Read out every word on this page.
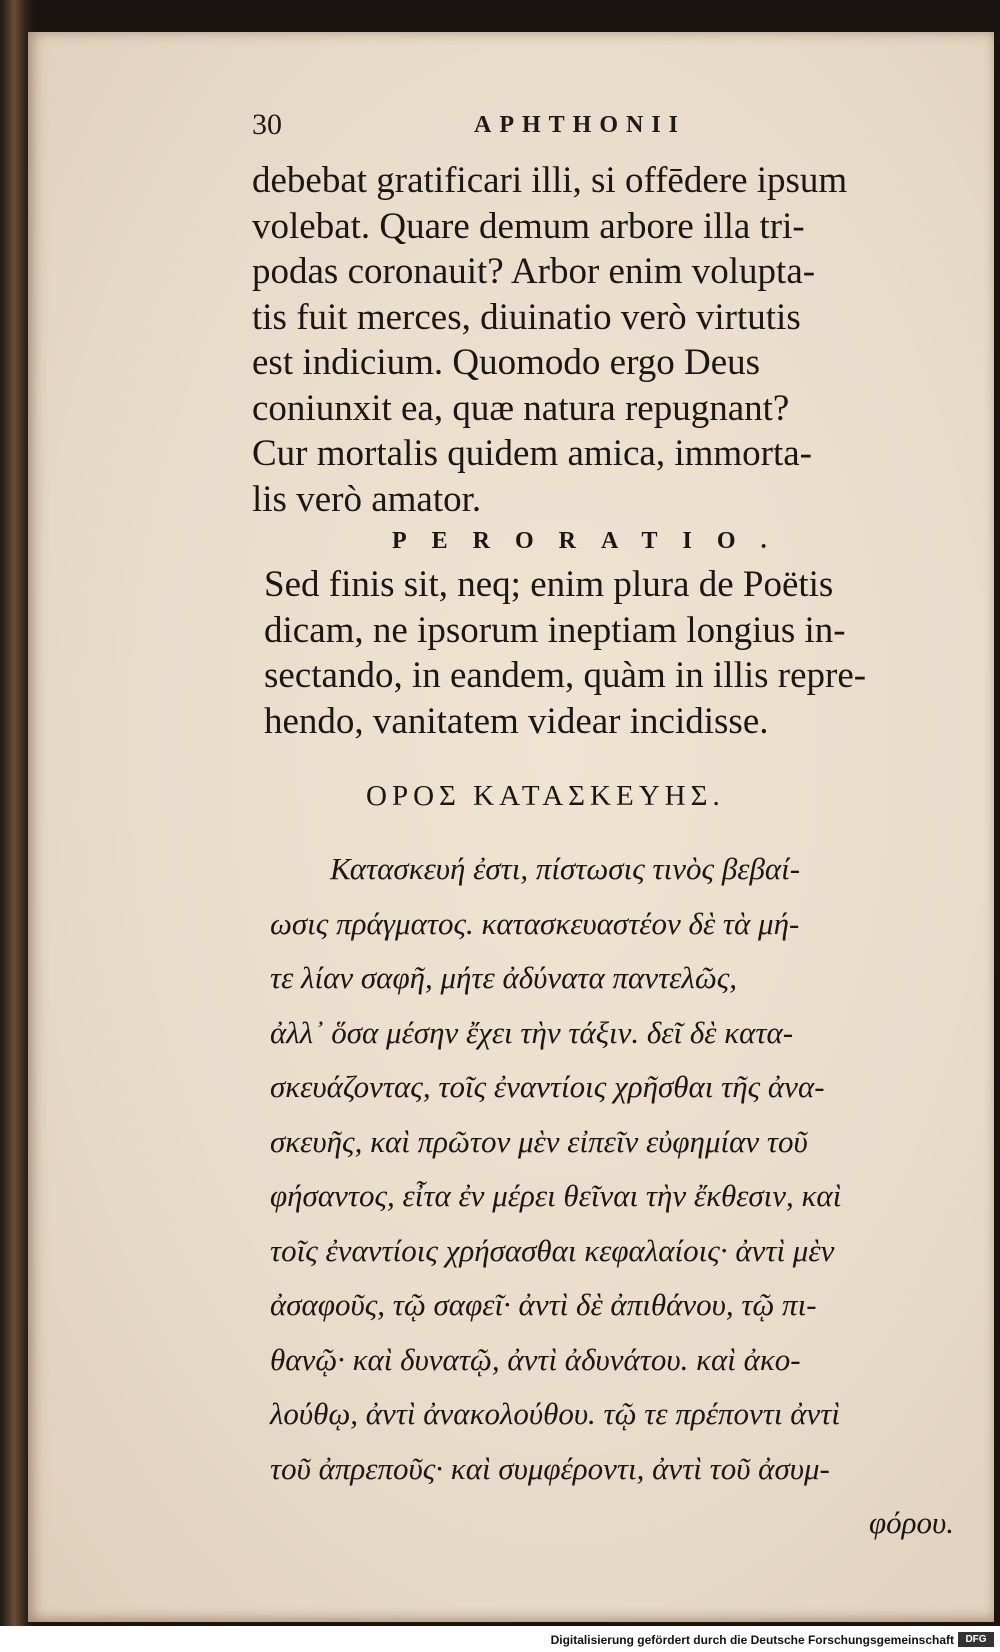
30	APHTHONII
debebat gratificari illi, si offēdere ipsum
volebat. Quare demum arbore illa tri-
podas coronauit? Arbor enim volupta-
tis fuit merces, diuinatio verò virtutis
est indicium. Quomodo ergo Deus
coniunxit ea, quæ natura repugnant?
Cur mortalis quidem amica, immorta-
lis verò amator.
PERORATIO.
Sed finis sit, neq; enim plura de Poëtis
dicam, ne ipsorum ineptiam longius in-
sectando, in eandem, quàm in illis repre-
hendo, vanitatem videar incidisse.
ΟΡΟΣ ΚΑΤΑΣΚΕΥΗΣ.
Κατασκευή ἐστι, πίστωσις τινὸς βεβαί-
ωσις πράγματος. κατασκευαστέον δὲ τὰ μή-
τε λίαν σαφῆ, μήτε ἀδύνατα παντελῶς,
ἀλλ᾽ ὅσα μέσην ἔχει τὴν τάξιν. δεῖ δὲ κατα-
σκευάζοντας, τοῖς ἐναντίοις χρῆσθαι τῆς ἀνα-
σκευῆς, καὶ πρῶτον μὲν εἰπεῖν εὐφημίαν τοῦ
φήσαντος, εἶτα ἐν μέρει θεῖναι τὴν ἔκθεσιν, καὶ
τοῖς ἐναντίοις χρήσασθαι κεφαλαίοις· ἀντὶ μὲν
ἀσαφοῦς, τῷ σαφεῖ· ἀντὶ δὲ ἀπιθάνου, τῷ πι-
θανῷ· καὶ δυνατῷ, ἀντὶ ἀδυνάτου. καὶ ἀκο-
λούθῳ, ἀντὶ ἀνακολούθου. τῷ τε πρέποντι ἀντὶ
τοῦ ἀπρεποῦς· καὶ συμφέροντι, ἀντὶ τοῦ ἀσυμ-
φόρου.
Digitalisierung gefördert durch die Deutsche Forschungsgemeinschaft	DFG
